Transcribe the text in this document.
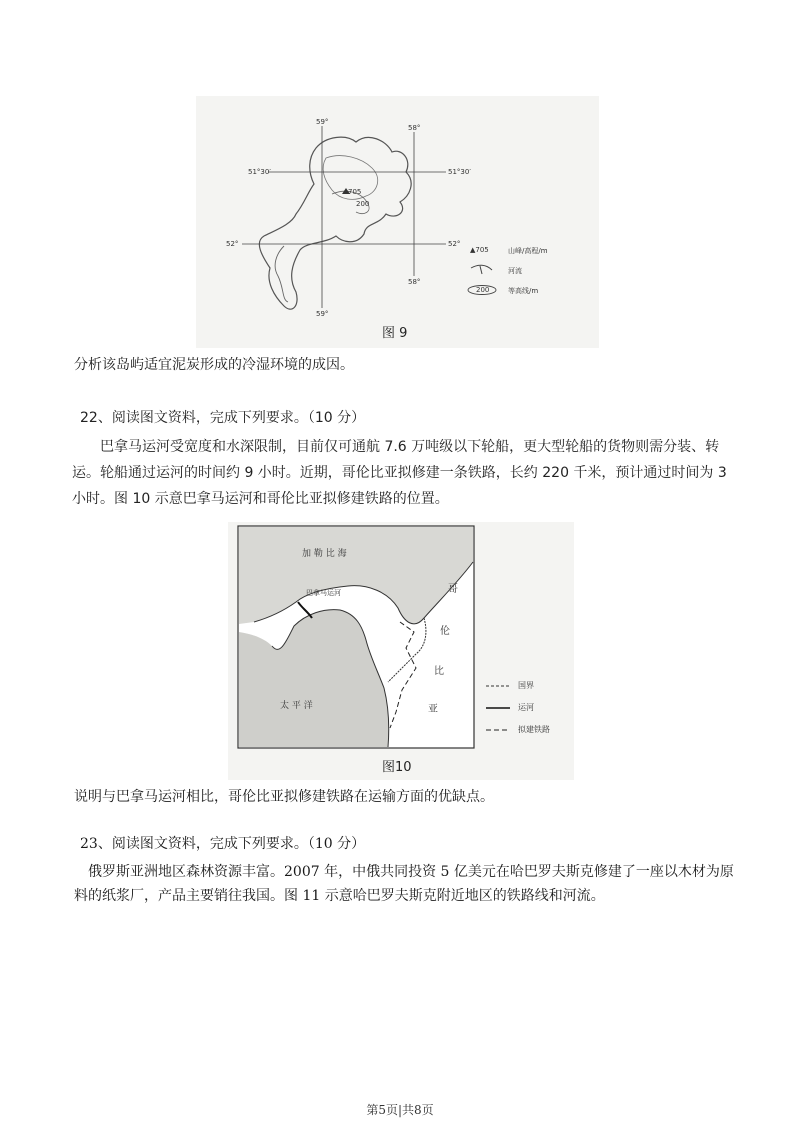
59°
58°
51°30′	51°30′
52°	52°
58°
59°
705
200
▲705	山峰/高程/m
河流
200	等高线/m
图 9
分析该岛屿适宜泥炭形成的冷湿环境的成因。
22、阅读图文资料，完成下列要求。（10 分）
巴拿马运河受宽度和水深限制，目前仅可通航 7.6 万吨级以下轮船，更大型轮船的货物则需分装、转
运。轮船通过运河的时间约 9 小时。近期，哥伦比亚拟修建一条铁路，长约 220 千米，预计通过时间为 3
小时。图 10 示意巴拿马运河和哥伦比亚拟修建铁路的位置。
加 勒 比 海
巴拿马运河
太 平 洋
哥
伦
比
亚
国界
运河
拟建铁路
图10
说明与巴拿马运河相比，哥伦比亚拟修建铁路在运输方面的优缺点。
23、阅读图文资料，完成下列要求。（10 分）
俄罗斯亚洲地区森林资源丰富。2007 年，中俄共同投资 5 亿美元在哈巴罗夫斯克修建了一座以木材为原
料的纸浆厂，产品主要销往我国。图 11 示意哈巴罗夫斯克附近地区的铁路线和河流。
第5页|共8页
